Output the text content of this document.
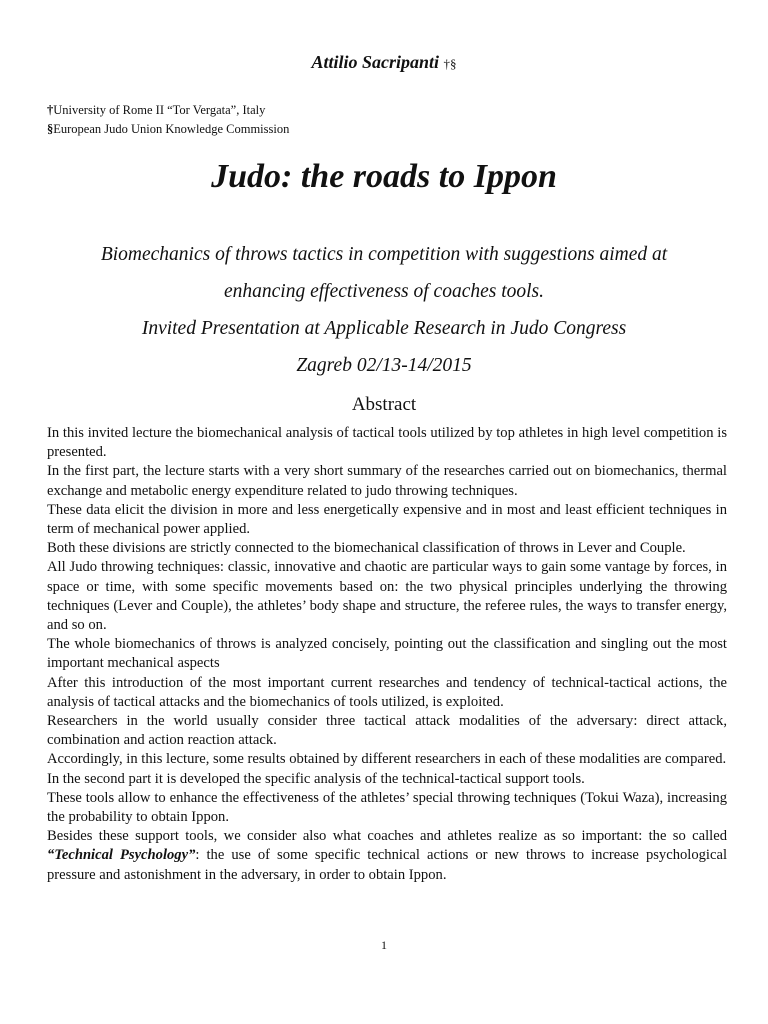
Attilio Sacripanti †§
†University of Rome II “Tor Vergata”, Italy
§European Judo Union Knowledge Commission
Judo: the roads to Ippon
Biomechanics of throws tactics in competition with suggestions aimed at
enhancing effectiveness of coaches tools.
Invited Presentation at Applicable Research in Judo Congress
Zagreb 02/13-14/2015
Abstract

In this invited lecture the biomechanical analysis of tactical tools utilized by top athletes in high level competition is presented.

In the first part, the lecture starts with a very short summary of the researches carried out on biomechanics, thermal exchange and metabolic energy expenditure related to judo throwing techniques.

These data elicit the division in more and less energetically expensive and in most and least efficient techniques in term of mechanical power applied.

Both these divisions are strictly connected to the biomechanical classification of throws in Lever and Couple.

All Judo throwing techniques: classic, innovative and chaotic are particular ways to gain some vantage by forces, in space or time, with some specific movements based on: the two physical principles underlying the throwing techniques (Lever and Couple), the athletes’ body shape and structure, the referee rules, the ways to transfer energy, and so on.

The whole biomechanics of throws is analyzed concisely, pointing out the classification and singling out the most important mechanical aspects

After this introduction of the most important current researches and tendency of technical-tactical actions, the analysis of tactical attacks and the biomechanics of tools utilized, is exploited.

Researchers in the world usually consider three tactical attack modalities of the adversary: direct attack, combination and action reaction attack.

Accordingly, in this lecture, some results obtained by different researchers in each of these modalities are compared.

In the second part it is developed the specific analysis of the technical-tactical support tools.

These tools allow to enhance the effectiveness of the athletes’ special throwing techniques (Tokui Waza), increasing the probability to obtain Ippon.

Besides these support tools, we consider also what coaches and athletes realize as so important: the so called “Technical Psychology”: the use of some specific technical actions or new throws to increase psychological pressure and astonishment in the adversary, in order to obtain Ippon.

1
